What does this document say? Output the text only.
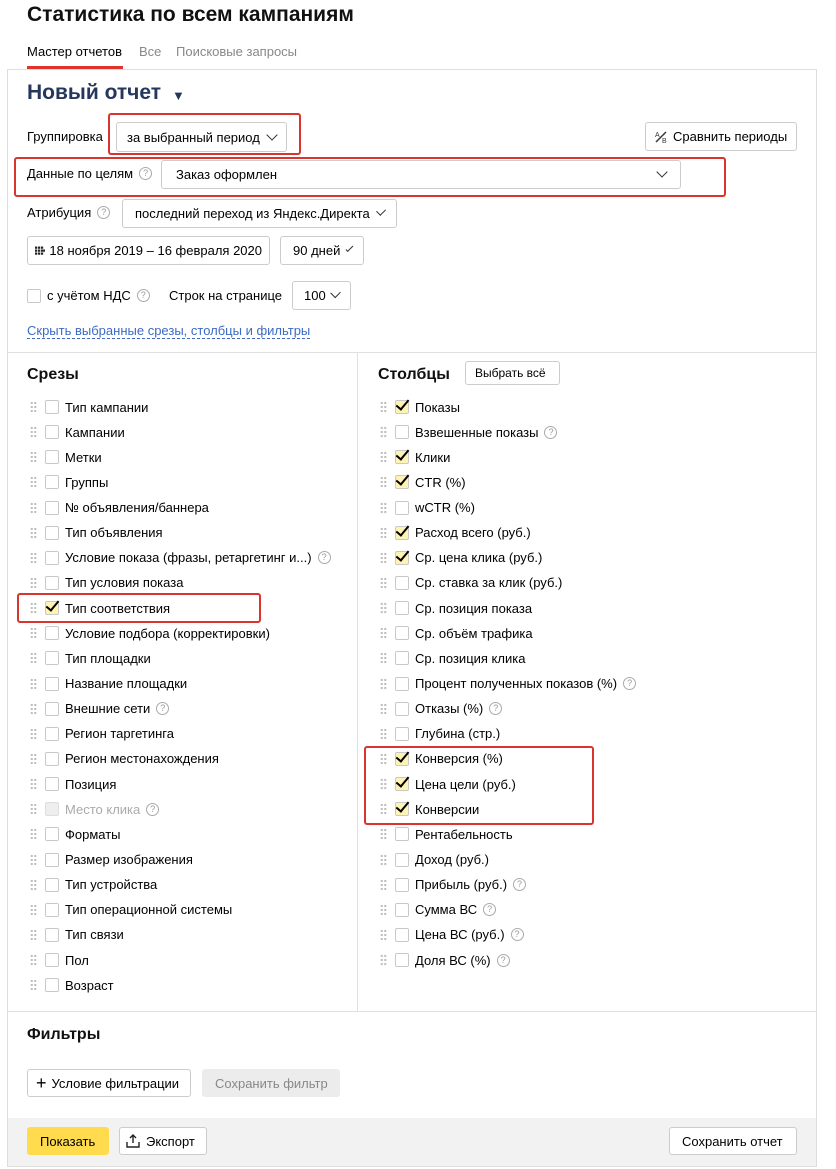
Статистика по всем кампаниям
Мастер отчетов Все Поисковые запросы
Новый отчет ▼
Группировка за выбранный период	A
B Сравнить периоды
Данные по целям	?	Заказ оформлен
Атрибуция	?	последний переход из Яндекс.Директа
18 ноября 2019 – 16 февраля 2020 90 дней
с учётом НДС	?	Строк на странице 100
Скрыть выбранные срезы, столбцы и фильтры
Срезы
Тип кампании
Кампании
Метки
Группы
№ объявления/баннера
Тип объявления
Условие показа (фразы, ретаргетинг и...)	?
Тип условия показа
Тип соответствия
Условие подбора (корректировки)
Тип площадки
Название площадки
Внешние сети	?
Регион таргетинга
Регион местонахождения
Позиция
Место клика	?
Форматы
Размер изображения
Тип устройства
Тип операционной системы
Тип связи
Пол
Возраст
Столбцы Выбрать всё
Показы
Взвешенные показы	?
Клики
CTR (%)
wCTR (%)
Расход всего (руб.)
Ср. цена клика (руб.)
Ср. ставка за клик (руб.)
Ср. позиция показа
Ср. объём трафика
Ср. позиция клика
Процент полученных показов (%)	?
Отказы (%)	?
Глубина (стр.)
Конверсия (%)
Цена цели (руб.)
Конверсии
Рентабельность
Доход (руб.)
Прибыль (руб.)	?
Сумма ВС	?
Цена ВС (руб.)	?
Доля ВС (%)	?
Фильтры
+ Условие фильтрации	Сохранить фильтр
Показать	Экспорт	Сохранить отчет
